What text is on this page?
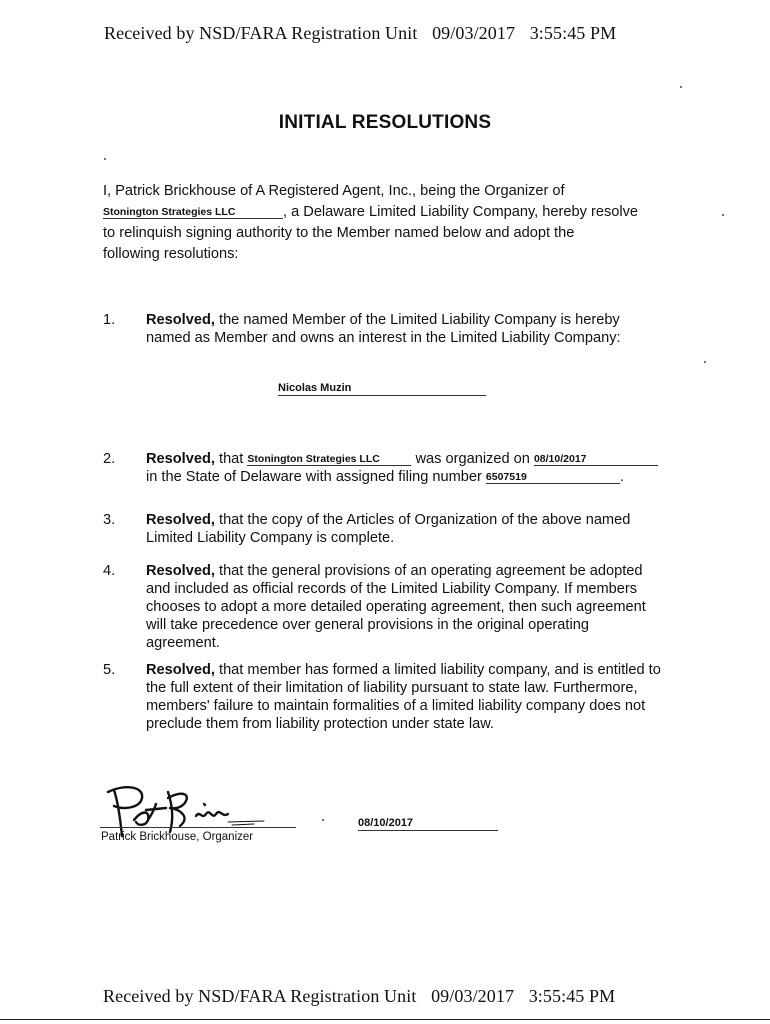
Received by NSD/FARA Registration Unit 09/03/2017 3:55:45 PM
INITIAL RESOLUTIONS
I, Patrick Brickhouse of A Registered Agent, Inc., being the Organizer of
Stonington Strategies LLC	, a Delaware Limited Liability Company, hereby resolve
to relinquish signing authority to the Member named below and adopt the
following resolutions:
1.	Resolved, the named Member of the Limited Liability Company is hereby named as Member and owns an interest in the Limited Liability Company:
Nicolas Muzin
2.	Resolved, that Stonington Strategies LLC was organized on 08/10/2017
in the State of Delaware with assigned filing number 6507519	.
3.	Resolved, that the copy of the Articles of Organization of the above named Limited Liability Company is complete.
4.	Resolved, that the general provisions of an operating agreement be adopted and included as official records of the Limited Liability Company. If members chooses to adopt a more detailed operating agreement, then such agreement will take precedence over general provisions in the original operating agreement.
5.	Resolved, that member has formed a limited liability company, and is entitled to the full extent of their limitation of liability pursuant to state law. Furthermore, members' failure to maintain formalities of a limited liability company does not preclude them from liability protection under state law.
Patrick Brickhouse, Organizer
08/10/2017
Received by NSD/FARA Registration Unit 09/03/2017 3:55:45 PM
